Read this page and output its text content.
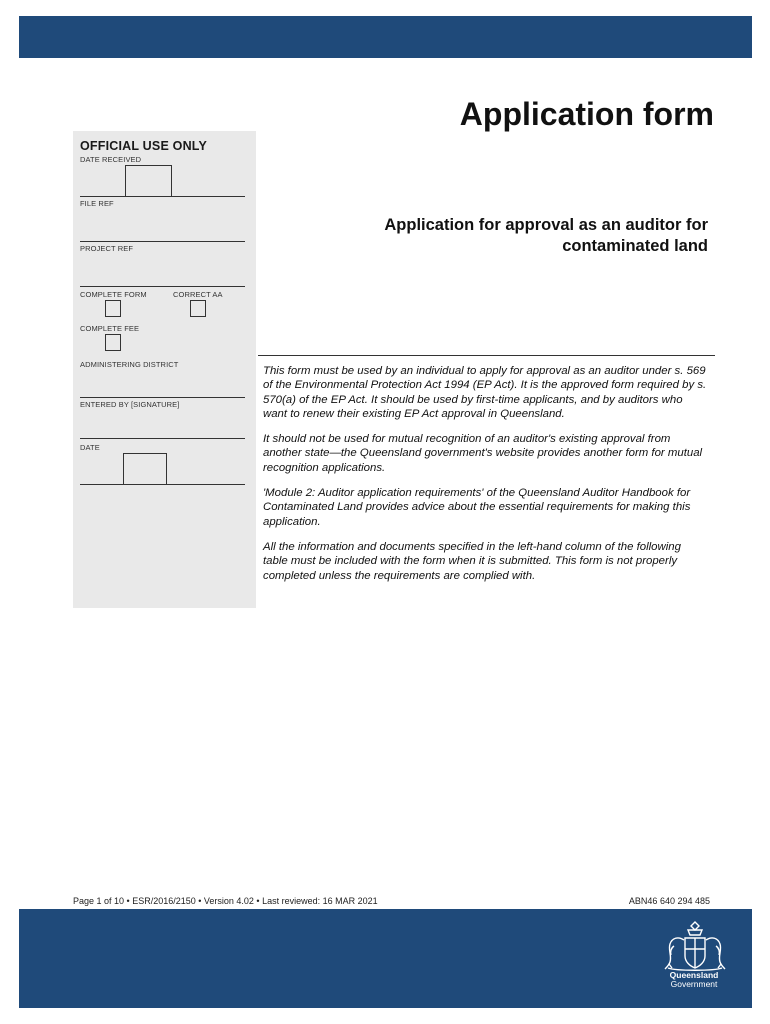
Application form
OFFICIAL USE ONLY
DATE RECEIVED
FILE REF
PROJECT REF
COMPLETE FORM	CORRECT AA
COMPLETE FEE
ADMINISTERING DISTRICT
ENTERED BY [SIGNATURE]
DATE
Application for approval as an auditor for
contaminated land

This form must be used by an individual to apply for approval as an auditor under s. 569 of the Environmental Protection Act 1994 (EP Act). It is the approved form required by s. 570(a) of the EP Act. It should be used by first-time applicants, and by auditors who want to renew their existing EP Act approval in Queensland.

It should not be used for mutual recognition of an auditor's existing approval from another state—the Queensland government's website provides another form for mutual recognition applications.

'Module 2: Auditor application requirements' of the Queensland Auditor Handbook for Contaminated Land provides advice about the essential requirements for making this application.

All the information and documents specified in the left-hand column of the following table must be included with the form when it is submitted. This form is not properly completed unless the requirements are complied with.

Page 1 of 10 • ESR/2016/2150 • Version 4.02 • Last reviewed: 16 MAR 2021	ABN46 640 294 485
Queensland
Government
